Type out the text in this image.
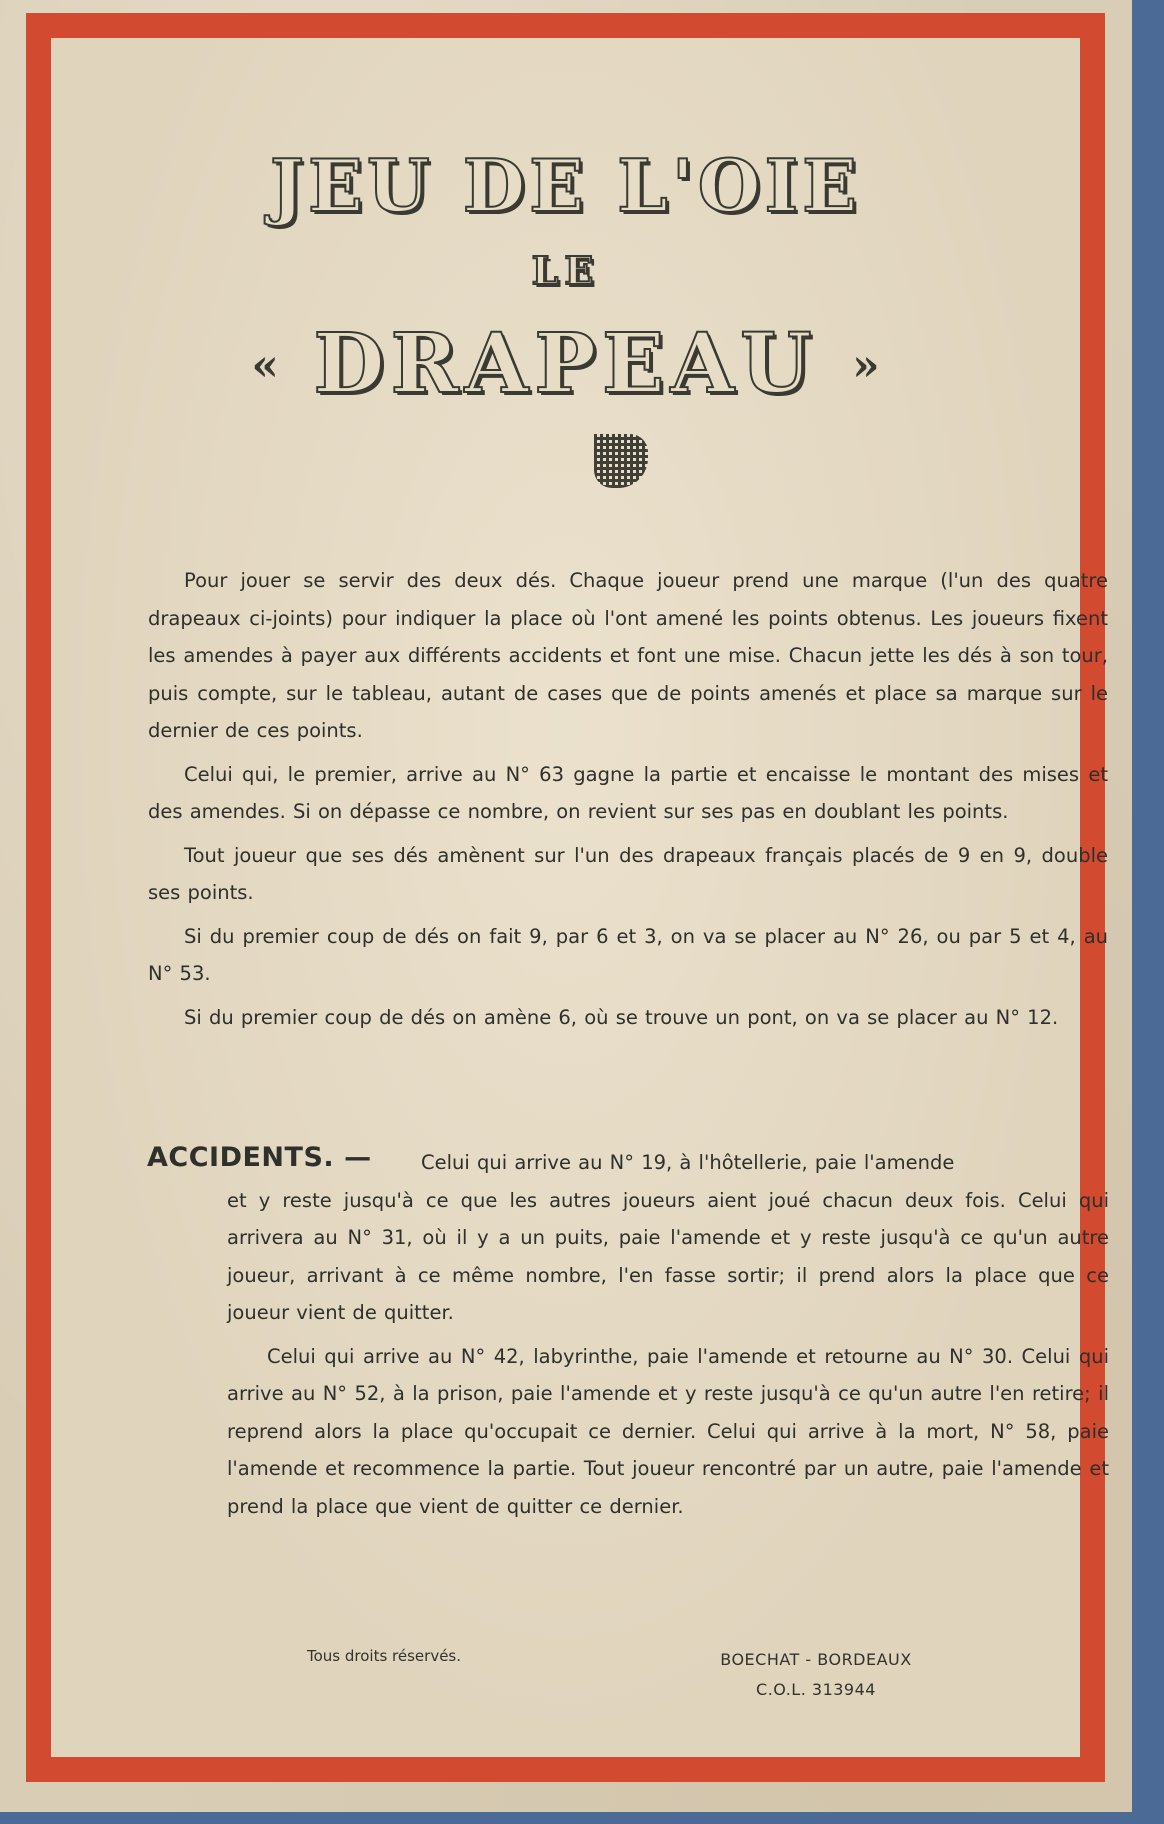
JEU DE L'OIE
LE
« DRAPEAU »

Pour jouer se servir des deux dés. Chaque joueur prend une marque (l'un des quatre drapeaux ci-joints) pour indiquer la place où l'ont amené les points obtenus. Les joueurs fixent les amendes à payer aux différents accidents et font une mise. Chacun jette les dés à son tour, puis compte, sur le tableau, autant de cases que de points amenés et place sa marque sur le dernier de ces points.

Celui qui, le premier, arrive au N° 63 gagne la partie et encaisse le montant des mises et des amendes. Si on dépasse ce nombre, on revient sur ses pas en doublant les points.

Tout joueur que ses dés amènent sur l'un des drapeaux français placés de 9 en 9, double ses points.

Si du premier coup de dés on fait 9, par 6 et 3, on va se placer au N° 26, ou par 5 et 4, au N° 53.

Si du premier coup de dés on amène 6, où se trouve un pont, on va se placer au N° 12.

ACCIDENTS. —	Celui qui arrive au N° 19, à l'hôtellerie, paie l'amende
et y reste jusqu'à ce que les autres joueurs aient joué chacun deux fois. Celui qui arrivera au N° 31, où il y a un puits, paie l'amende et y reste jusqu'à ce qu'un autre joueur, arrivant à ce même nombre, l'en fasse sortir; il prend alors la place que ce joueur vient de quitter.

Celui qui arrive au N° 42, labyrinthe, paie l'amende et retourne au N° 30. Celui qui arrive au N° 52, à la prison, paie l'amende et y reste jusqu'à ce qu'un autre l'en retire; il reprend alors la place qu'occupait ce dernier. Celui qui arrive à la mort, N° 58, paie l'amende et recommence la partie. Tout joueur rencontré par un autre, paie l'amende et prend la place que vient de quitter ce dernier.

Tous droits réservés.	BOECHAT - BORDEAUX
C.O.L. 313944
